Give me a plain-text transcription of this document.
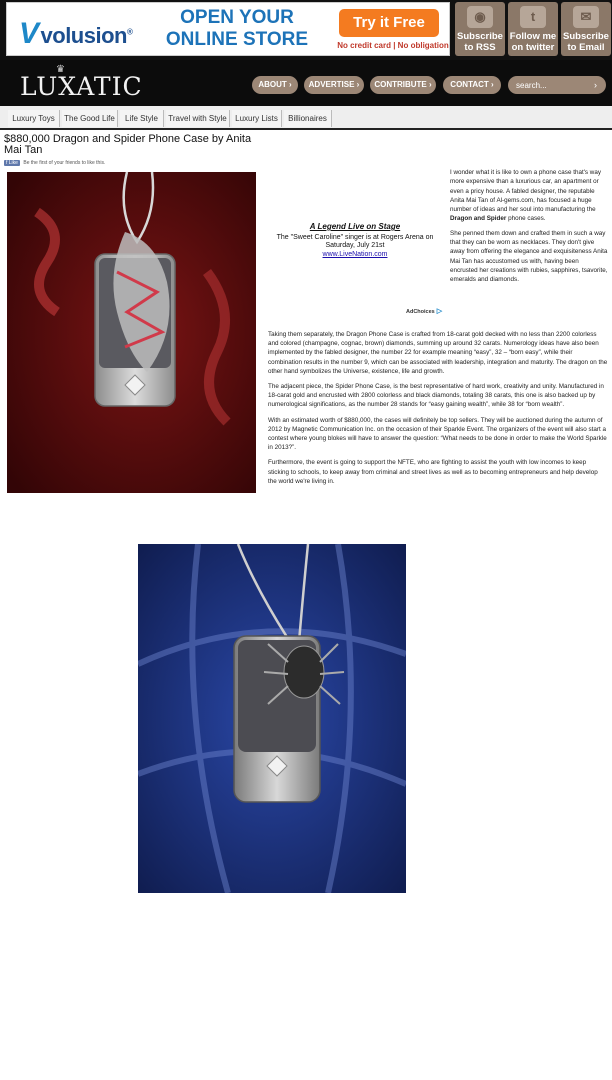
Vvolusion®
OPEN YOUR
ONLINE STORE
Try it Free
No credit card | No obligation
◉
Subscribe
to RSS
t
Follow me
on twitter
✉
Subscribe
to Email
♛
LUXATIC	ABOUT ›	ADVERTISE ›	CONTRIBUTE ›	CONTACT ›
search...	›
Luxury Toys	The Good Life	Life Style	Travel with Style	Luxury Lists	Billionaires
$880,000 Dragon and Spider Phone Case by Anita Mai Tan
f Like Be the first of your friends to like this.

I wonder what it is like to own a phone case that's way more expensive than a luxurious car, an apartment or even a pricy house. A fabled designer, the reputable Anita Mai Tan of Al-gems.com, has focused a huge number of ideas and her soul into manufacturing the Dragon and Spider phone cases.

She penned them down and crafted them in such a way that they can be worn as necklaces. They don't give away from offering the elegance and exquisiteness Anita Mai Tan has accustomed us with, having been encrusted her creations with rubies, sapphires, tsavorite, emeralds and diamonds.

A Legend Live on Stage
The "Sweet Caroline" singer is at Rogers Arena on
Saturday, July 21st
www.LiveNation.com
AdChoices ▷

Taking them separately, the Dragon Phone Case is crafted from 18-carat gold decked with no less than 2200 colorless and colored (champagne, cognac, brown) diamonds, summing up around 32 carats. Numerology ideas have also been implemented by the fabled designer, the number 22 for example meaning “easy”, 32 – “born easy”, while their combination results in the number 9, which can be associated with leadership, integration and maturity. The dragon on the other hand symbolizes the Universe, existence, life and growth.

The adjacent piece, the Spider Phone Case, is the best representative of hard work, creativity and unity. Manufactured in 18-carat gold and encrusted with 2800 colorless and black diamonds, totaling 38 carats, this one is also backed up by numerological significations, as the number 28 stands for “easy gaining wealth”, while 38 for “born wealth”.

With an estimated worth of $880,000, the cases will definitely be top sellers. They will be auctioned during the autumn of 2012 by Magnetic Communication Inc. on the occasion of their Sparkle Event. The organizers of the event will also start a contest where young blokes will have to answer the question: “What needs to be done in order to make the World Sparkle in 2013?”.

Furthermore, the event is going to support the NFTE, who are fighting to assist the youth with low incomes to keep sticking to schools, to keep away from criminal and street lives as well as to becoming entrepreneurs and help develop the world we're living in.
